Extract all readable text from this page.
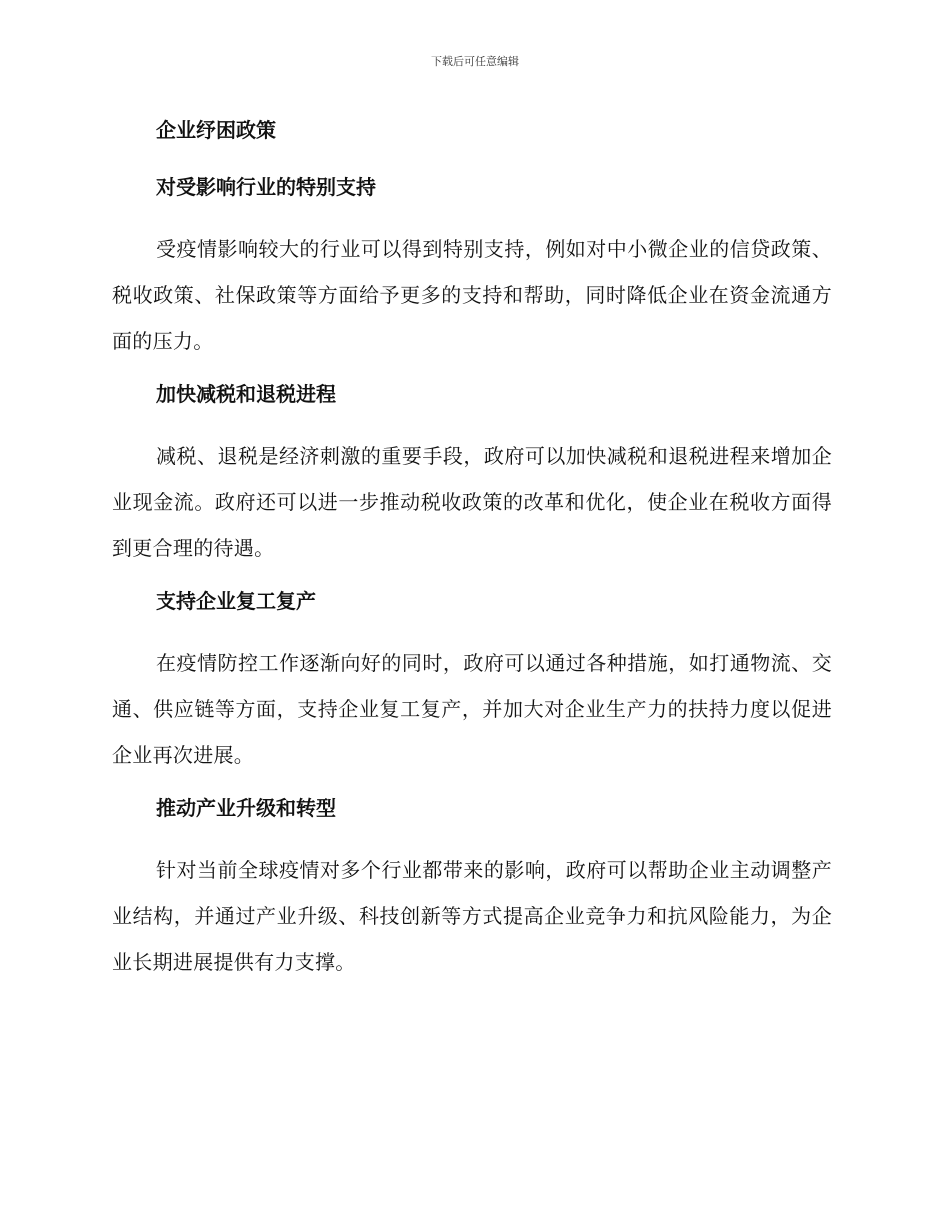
下载后可任意编辑
企业纾困政策
对受影响行业的特别支持
受疫情影响较大的行业可以得到特别支持，例如对中小微企业的信贷政策、税收政策、社保政策等方面给予更多的支持和帮助，同时降低企业在资金流通方面的压力。
加快减税和退税进程
减税、退税是经济刺激的重要手段，政府可以加快减税和退税进程来增加企业现金流。政府还可以进一步推动税收政策的改革和优化，使企业在税收方面得到更合理的待遇。
支持企业复工复产
在疫情防控工作逐渐向好的同时，政府可以通过各种措施，如打通物流、交通、供应链等方面，支持企业复工复产，并加大对企业生产力的扶持力度以促进企业再次进展。
推动产业升级和转型
针对当前全球疫情对多个行业都带来的影响，政府可以帮助企业主动调整产业结构，并通过产业升级、科技创新等方式提高企业竞争力和抗风险能力，为企业长期进展提供有力支撑。
